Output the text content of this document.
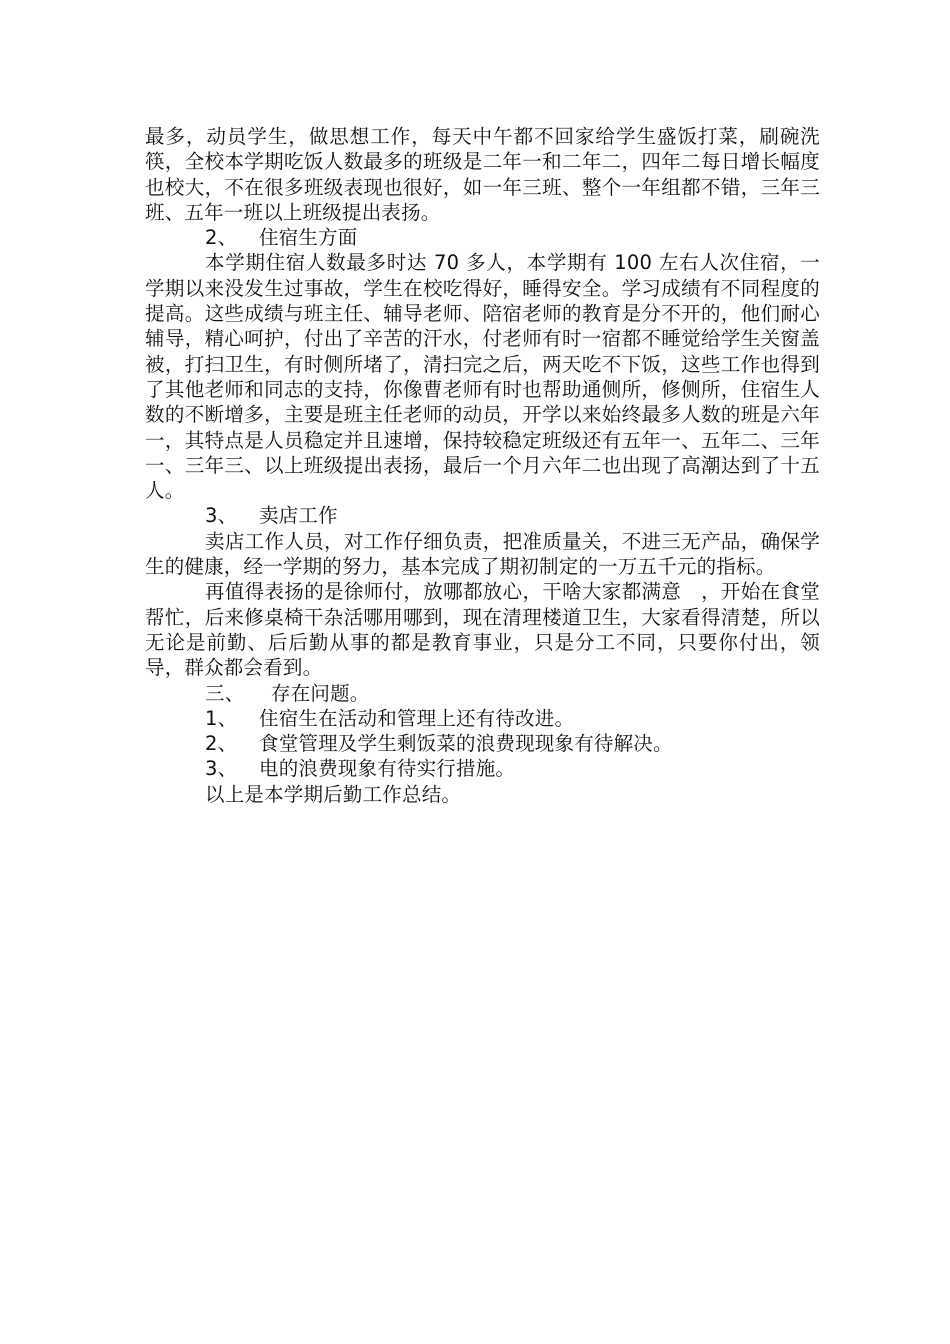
最多，动员学生，做思想工作，每天中午都不回家给学生盛饭打菜，刷碗洗筷，全校本学期吃饭人数最多的班级是二年一和二年二，四年二每日增长幅度也校大，不在很多班级表现也很好，如一年三班、整个一年组都不错，三年三班、五年一班以上班级提出表扬。

2、	住宿生方面

本学期住宿人数最多时达 70 多人，本学期有 100 左右人次住宿，一学期以来没发生过事故，学生在校吃得好，睡得安全。学习成绩有不同程度的提高。这些成绩与班主任、辅导老师、陪宿老师的教育是分不开的，他们耐心辅导，精心呵护，付出了辛苦的汗水，付老师有时一宿都不睡觉给学生关窗盖被，打扫卫生，有时侧所堵了，清扫完之后，两天吃不下饭，这些工作也得到了其他老师和同志的支持，你像曹老师有时也帮助通侧所，修侧所，住宿生人数的不断增多，主要是班主任老师的动员，开学以来始终最多人数的班是六年一，其特点是人员稳定并且速增，保持较稳定班级还有五年一、五年二、三年一、三年三、以上班级提出表扬，最后一个月六年二也出现了高潮达到了十五人。

3、	卖店工作

卖店工作人员，对工作仔细负责，把准质量关，不进三无产品，确保学生的健康，经一学期的努力，基本完成了期初制定的一万五千元的指标。

再值得表扬的是徐师付，放哪都放心，干啥大家都满意　，开始在食堂帮忙，后来修桌椅干杂活哪用哪到，现在清理楼道卫生，大家看得清楚，所以无论是前勤、后后勤从事的都是教育事业，只是分工不同，只要你付出，领导，群众都会看到。

三、	存在问题。
1、	住宿生在活动和管理上还有待改进。
2、	食堂管理及学生剩饭菜的浪费现现象有待解决。
3、	电的浪费现象有待实行措施。

以上是本学期后勤工作总结。
